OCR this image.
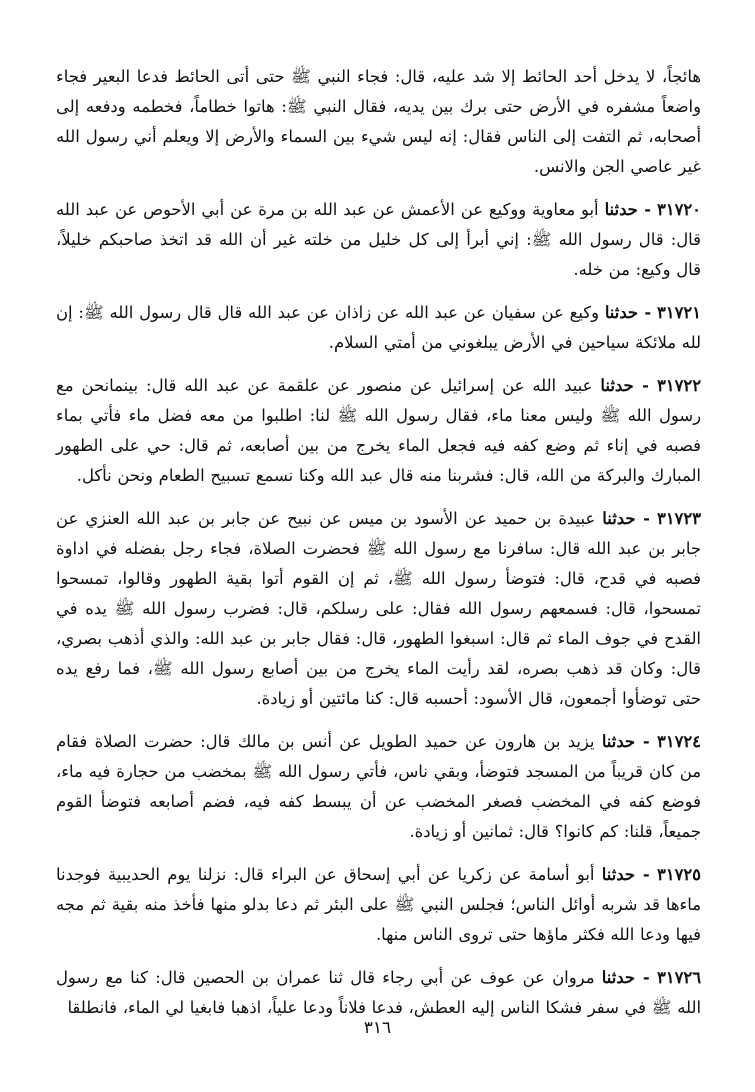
هائجاً، لا يدخل أحد الحائط إلا شد عليه، قال: فجاء النبي ﷺ حتى أتى الحائط فدعا البعير فجاء واضعاً مشفره في الأرض حتى برك بين يديه، فقال النبي ﷺ: هاتوا خطاماً، فخطمه ودفعه إلى أصحابه، ثم التفت إلى الناس فقال: إنه ليس شيء بين السماء والأرض إلا ويعلم أني رسول الله غير عاصي الجن والانس.

٣١٧٢٠ - حدثنا أبو معاوية ووكيع عن الأعمش عن عبد الله بن مرة عن أبي الأحوص عن عبد الله قال: قال رسول الله ﷺ: إني أبرأ إلى كل خليل من خلته غير أن الله قد اتخذ صاحبكم خليلاً، قال وكيع: من خله.

٣١٧٢١ - حدثنا وكيع عن سفيان عن عبد الله عن زاذان عن عبد الله قال قال رسول الله ﷺ: إن لله ملائكة سياحين في الأرض يبلغوني من أمتي السلام.

٣١٧٢٢ - حدثنا عبيد الله عن إسرائيل عن منصور عن علقمة عن عبد الله قال: بينمانحن مع رسول الله ﷺ وليس معنا ماء، فقال رسول الله ﷺ لنا: اطلبوا من معه فضل ماء فأتي بماء فصبه في إناء ثم وضع كفه فيه فجعل الماء يخرج من بين أصابعه، ثم قال: حي على الطهور المبارك والبركة من الله، قال: فشربنا منه قال عبد الله وكنا نسمع تسبيح الطعام ونحن نأكل.

٣١٧٢٣ - حدثنا عبيدة بن حميد عن الأسود بن ميس عن نبيح عن جابر بن عبد الله العنزي عن جابر بن عبد الله قال: سافرنا مع رسول الله ﷺ فحضرت الصلاة، فجاء رجل بفضله في اداوة فصبه في قدح، قال: فتوضأ رسول الله ﷺ، ثم إن القوم أتوا بقية الطهور وقالوا، تمسحوا تمسحوا، قال: فسمعهم رسول الله فقال: على رسلكم، قال: فضرب رسول الله ﷺ يده في القدح في جوف الماء ثم قال: اسبغوا الطهور، قال: فقال جابر بن عبد الله: والذي أذهب بصري، قال: وكان قد ذهب بصره، لقد رأيت الماء يخرج من بين أصابع رسول الله ﷺ، فما رفع يده حتى توضأوا أجمعون، قال الأسود: أحسبه قال: كنا مائتين أو زيادة.

٣١٧٢٤ - حدثنا يزيد بن هارون عن حميد الطويل عن أنس بن مالك قال: حضرت الصلاة فقام من كان قريباً من المسجد فتوضأ، وبقي ناس، فأتي رسول الله ﷺ بمخضب من حجارة فيه ماء، فوضع كفه في المخضب فصغر المخضب عن أن يبسط كفه فيه، فضم أصابعه فتوضأ القوم جميعاً، قلنا: كم كانوا؟ قال: ثمانين أو زيادة.

٣١٧٢٥ - حدثنا أبو أسامة عن زكريا عن أبي إسحاق عن البراء قال: نزلنا يوم الحديبية فوجدنا ماءها قد شربه أوائل الناس؛ فجلس النبي ﷺ على البئر ثم دعا بدلو منها فأخذ منه بقية ثم مجه فيها ودعا الله فكثر ماؤها حتى تروى الناس منها.

٣١٧٢٦ - حدثنا مروان عن عوف عن أبي رجاء قال ثنا عمران بن الحصين قال: كنا مع رسول الله ﷺ في سفر فشكا الناس إليه العطش، فدعا فلاناً ودعا علياً، اذهبا فابغيا لي الماء، فانطلقا

٣١٦
